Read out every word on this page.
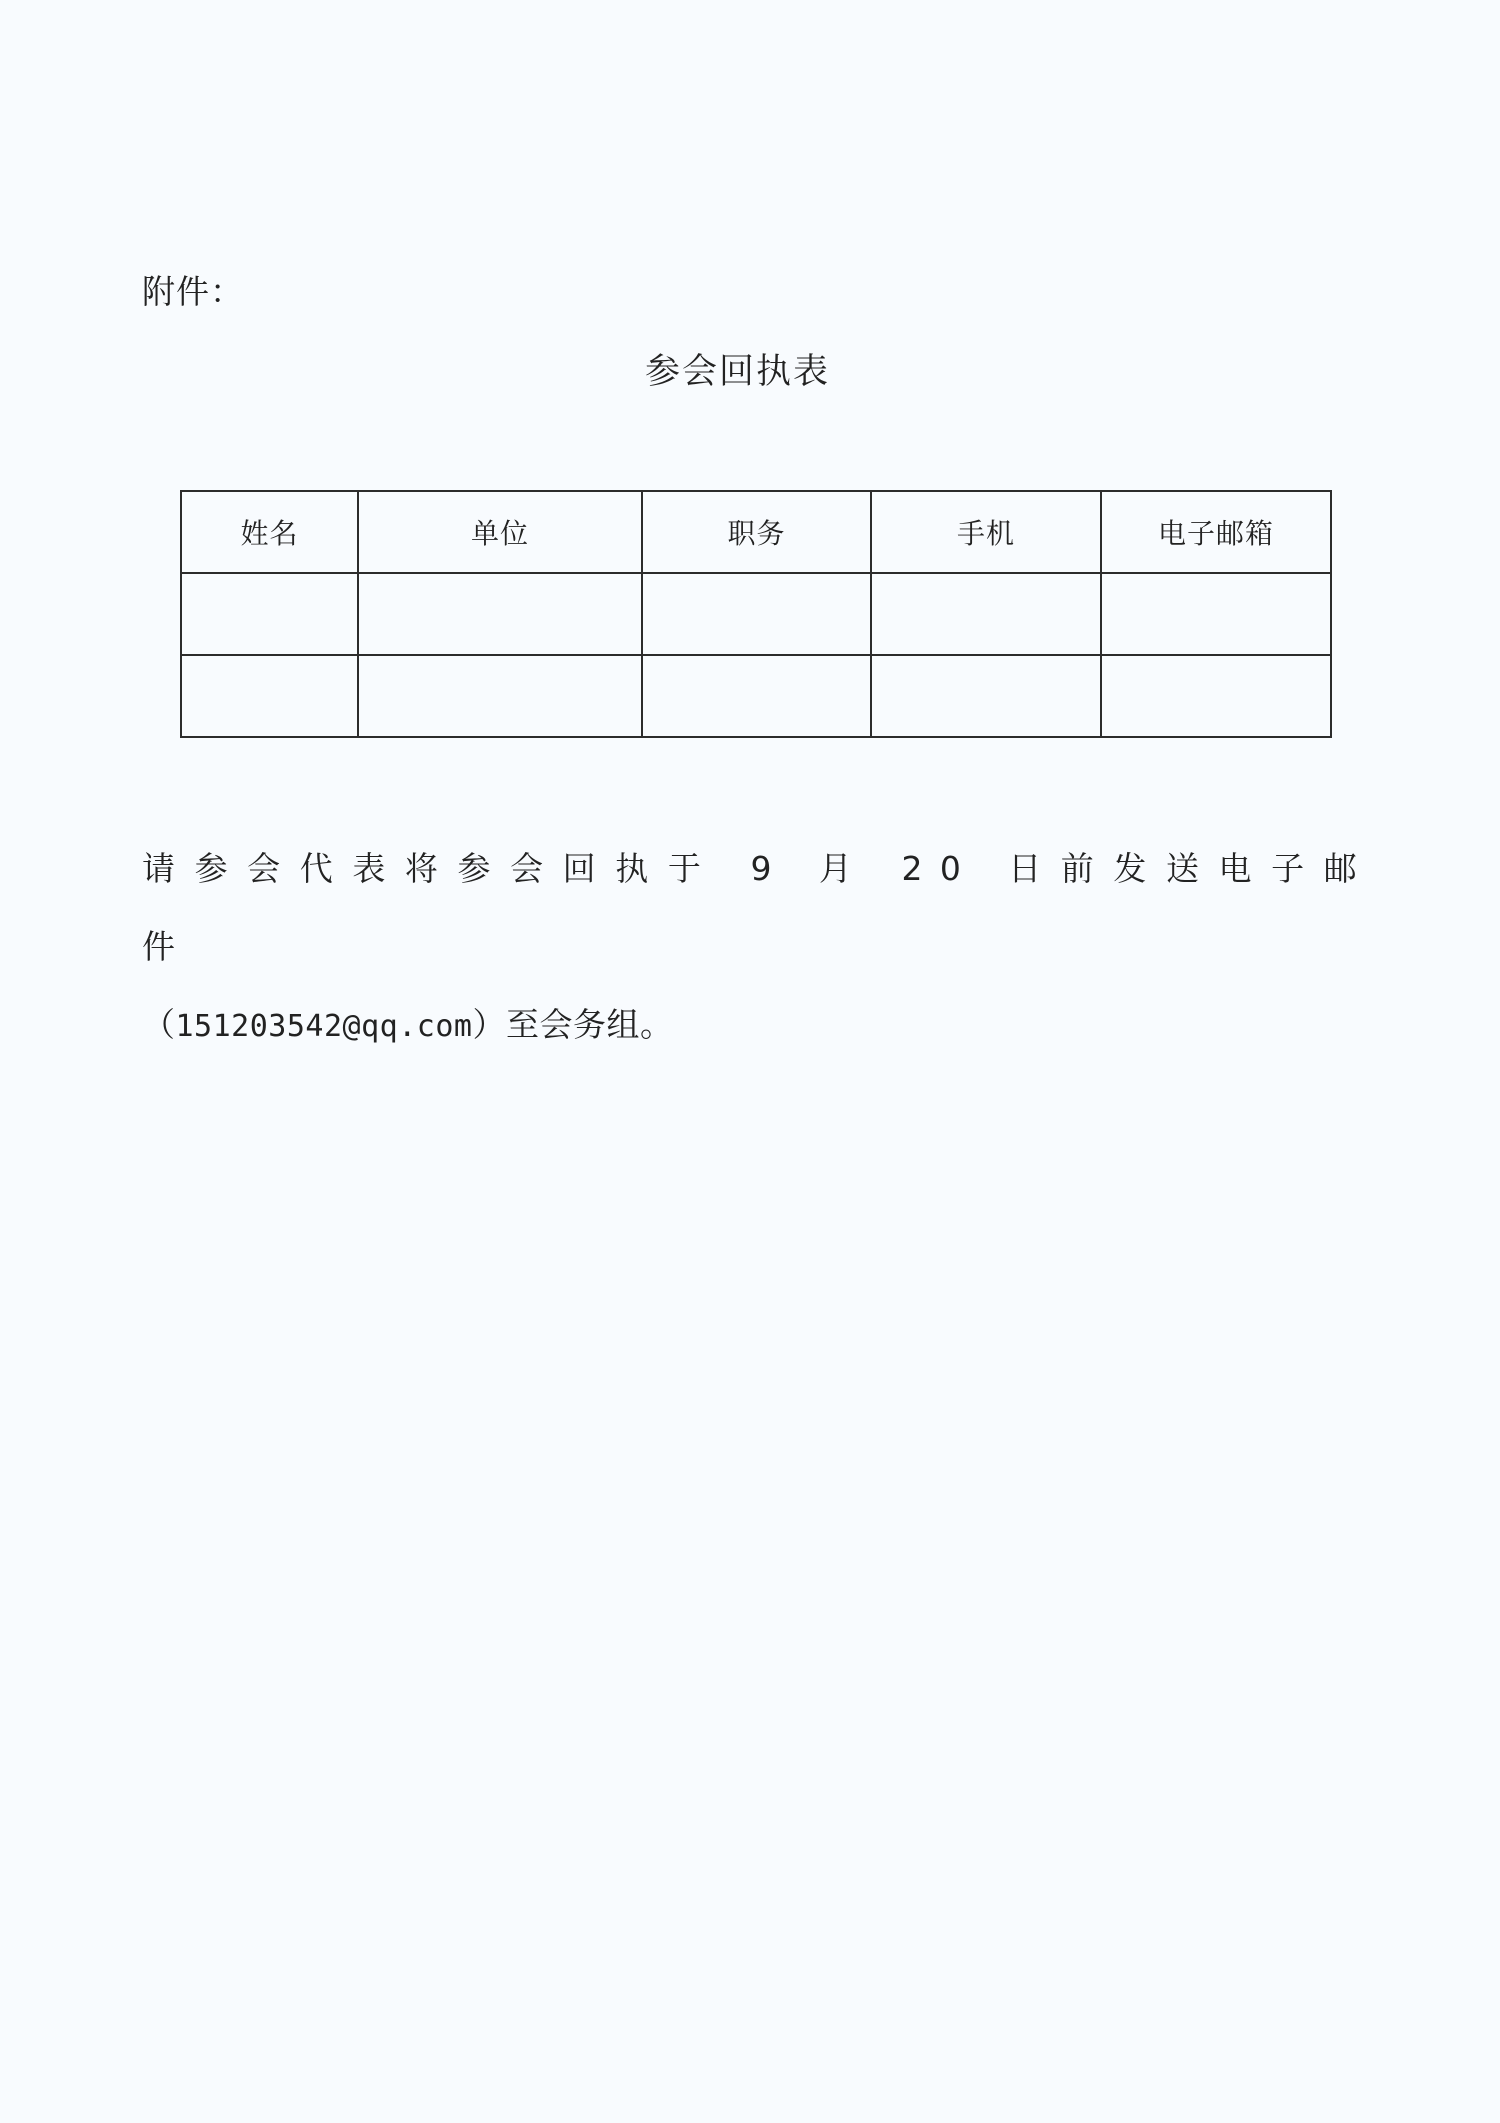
附件：
参会回执表
姓名	单位	职务	手机	电子邮箱

请参会代表将参会回执于 9 月 20 日前发送电子邮件
（151203542@qq.com）至会务组。
